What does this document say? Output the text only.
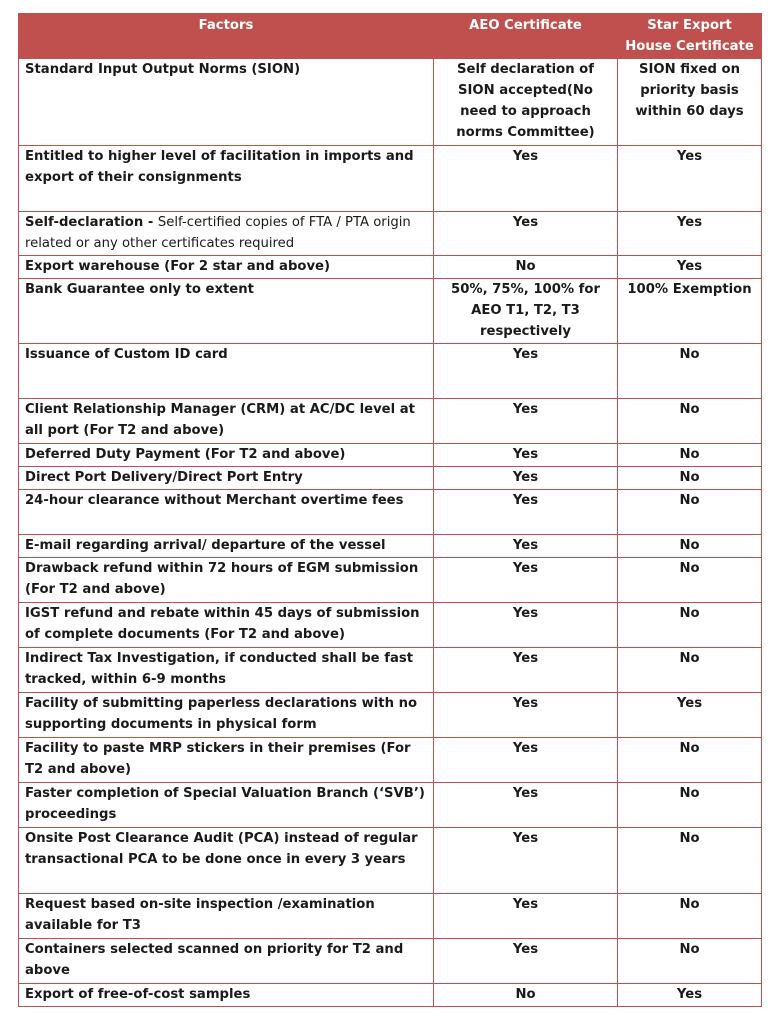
Factors	AEO Certificate	Star Export House Certificate
Standard Input Output Norms (SION)	Self declaration of SION accepted(No need to approach norms Committee)	SION fixed on priority basis within 60 days
Entitled to higher level of facilitation in imports and export of their consignments	Yes	Yes
Self-declaration - Self-certified copies of FTA / PTA origin related or any other certificates required	Yes	Yes
Export warehouse (For 2 star and above)	No	Yes
Bank Guarantee only to extent	50%, 75%, 100% for AEO T1, T2, T3 respectively	100% Exemption
Issuance of Custom ID card	Yes	No
Client Relationship Manager (CRM) at AC/DC level at all port (For T2 and above)	Yes	No
Deferred Duty Payment (For T2 and above)	Yes	No
Direct Port Delivery/Direct Port Entry	Yes	No
24-hour clearance without Merchant overtime fees	Yes	No
E-mail regarding arrival/ departure of the vessel	Yes	No
Drawback refund within 72 hours of EGM submission (For T2 and above)	Yes	No
IGST refund and rebate within 45 days of submission of complete documents (For T2 and above)	Yes	No
Indirect Tax Investigation, if conducted shall be fast tracked, within 6-9 months	Yes	No
Facility of submitting paperless declarations with no supporting documents in physical form	Yes	Yes
Facility to paste MRP stickers in their premises (For T2 and above)	Yes	No
Faster completion of Special Valuation Branch (‘SVB’) proceedings	Yes	No
Onsite Post Clearance Audit (PCA) instead of regular transactional PCA to be done once in every 3 years	Yes	No
Request based on-site inspection /examination available for T3	Yes	No
Containers selected scanned on priority for T2 and above	Yes	No
Export of free-of-cost samples	No	Yes
